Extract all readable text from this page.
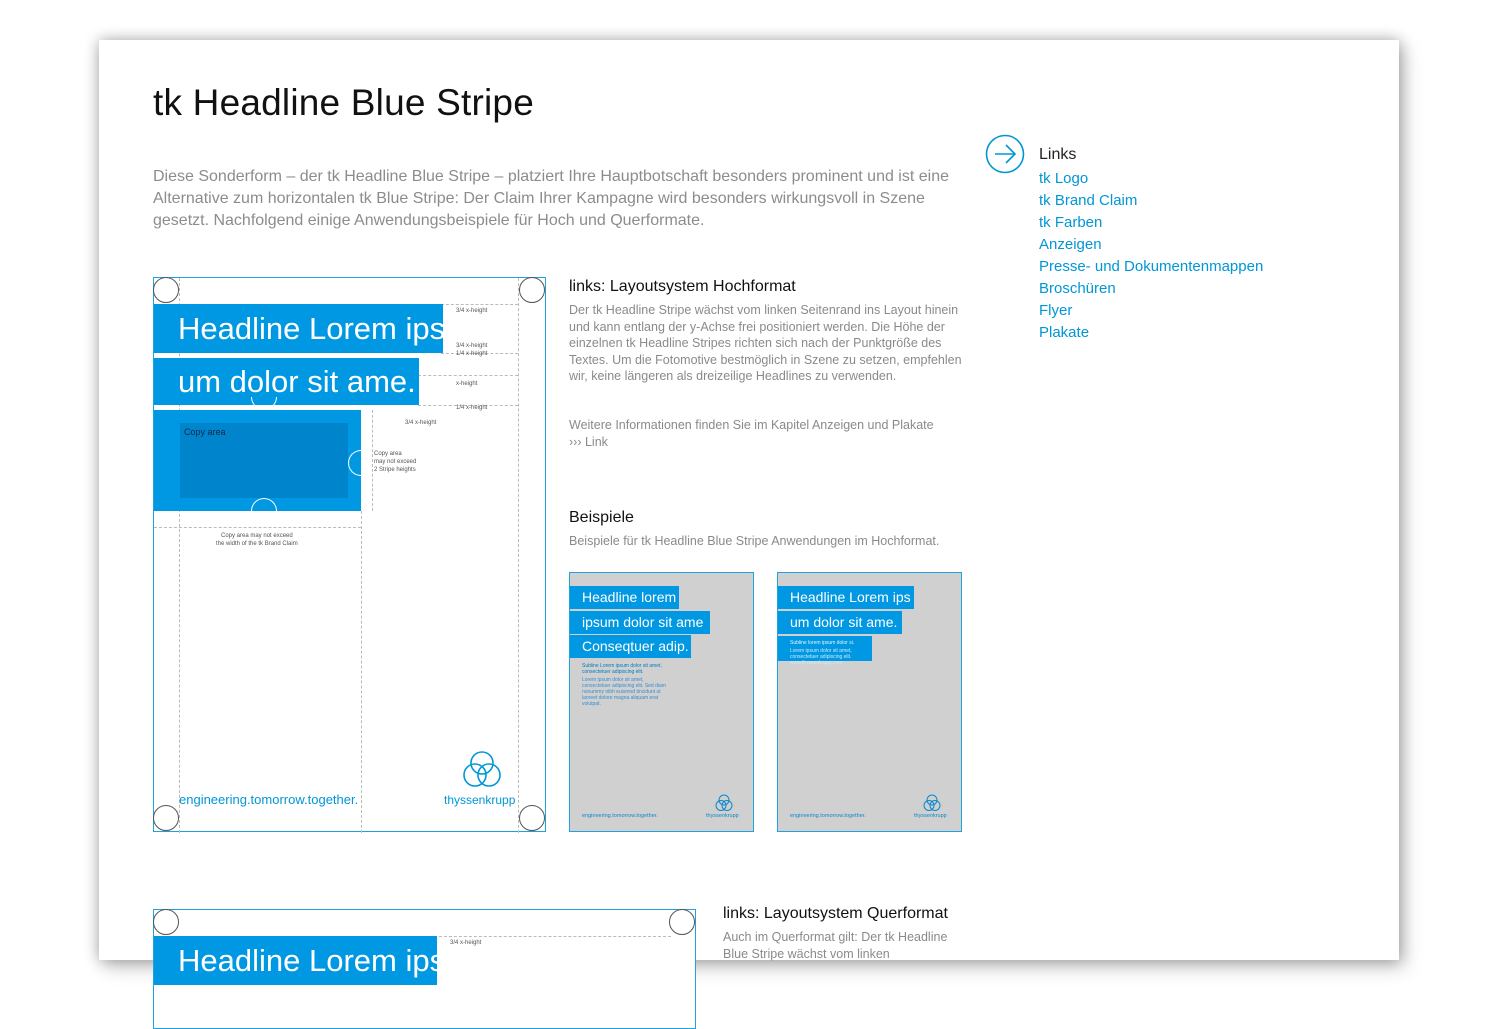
tk Headline Blue Stripe

Diese Sonderform – der tk Headline Blue Stripe – platziert Ihre Hauptbotschaft besonders prominent und ist eine Alternative zum horizontalen tk Blue Stripe: Der Claim Ihrer Kampagne wird besonders wirkungsvoll in Szene gesetzt. Nachfolgend einige Anwendungsbeispiele für Hoch und Querformate.

Links
tk Logo
tk Brand Claim
tk Farben
Anzeigen
Presse- und Dokumentenmappen
Broschüren
Flyer
Plakate
Headline Lorem ips
um dolor sit ame.
Copy area
3/4 x-height
3/4 x-height
1/4 x-height
x-height
1/4 x-height
3/4 x-height
Copy area
may not exceed
2 Stripe heights
Copy area may not exceed
the width of the tk Brand Claim
engineering.tomorrow.together.	thyssenkrupp
links: Layoutsystem Hochformat

Der tk Headline Stripe wächst vom linken Seitenrand ins Layout hinein und kann entlang der y-Achse frei positioniert werden. Die Höhe der einzelnen tk Headline Stripes richten sich nach der Punktgröße des Textes. Um die Fotomotive bestmöglich in Szene zu setzen, empfehlen wir, keine längeren als dreizeilige Headlines zu verwenden.

Weitere Informationen finden Sie im Kapitel Anzeigen und Plakate

››› Link
Beispiele

Beispiele für tk Headline Blue Stripe Anwendungen im Hochformat.

Headline lorem
ipsum dolor sit ame
Conseqtuer adip.
Subline Lorem ipsum dolor sit amet, consectetuer adipiscing elit.
Lorem ipsum dolor sit amet, consectetuer adipiscing elit. Sed diam nonummy nibh euismod tincidunt ut laoreet dolore magna aliquam erat volutpat.
engineering.tomorrow.together.	thyssenkrupp
Headline Lorem ips
um dolor sit ame.
Subline lorem ipsum dolor si.
Lorem ipsum dolor sit amet, consectetuer adipiscing elit. www.thyssenkrupp.com
engineering.tomorrow.together.	thyssenkrupp
Headline Lorem ips 3/4 x-height
links: Layoutsystem Querformat

Auch im Querformat gilt: Der tk Headline Blue Stripe wächst vom linken
